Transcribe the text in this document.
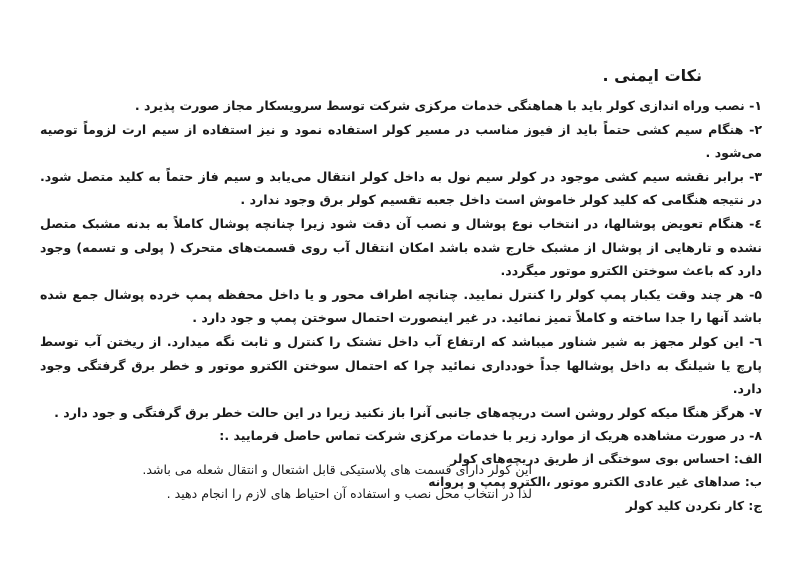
نکات ایمنی .

۱- نصب وراه اندازی کولر باید با هماهنگی خدمات مرکزی شرکت توسط سرویسکار مجاز صورت پذیرد .

۲- هنگام سیم کشی حتماً باید از فیوز مناسب در مسیر کولر استفاده نمود و نیز استفاده از سیم ارت لزوماً توصیه می‌شود .

۳- برابر نقشه سیم کشی موجود در کولر سیم نول به داخل کولر انتقال می‌یابد و سیم فاز حتماً به کلید متصل شود. در نتیجه هنگامی که کلید کولر خاموش است داخل جعبه تقسیم کولر برق وجود ندارد .

٤- هنگام تعویض پوشالها، در انتخاب نوع پوشال و نصب آن دقت شود زیرا چنانچه پوشال کاملاً به بدنه مشبک متصل نشده و تارهایی از پوشال از مشبک خارج شده باشد امکان انتقال آب روی قسمت‌های متحرک ( پولی و تسمه) وجود دارد که باعث سوختن الکترو موتور میگردد.

۵- هر چند وقت یکبار پمپ کولر را کنترل نمایید. چنانچه اطراف محور و یا داخل محفظه پمپ خرده پوشال جمع شده باشد آنها را جدا ساخته و کاملاً تمیز نمائید. در غیر اینصورت احتمال سوختن پمپ و جود دارد .

٦- این کولر مجهز به شیر شناور میباشد که ارتفاع آب داخل تشتک را کنترل و ثابت نگه میدارد. از ریختن آب توسط پارچ یا شیلنگ به داخل پوشالها جداً خودداری نمائید چرا که احتمال سوختن الکترو موتور و خطر برق گرفتگی وجود دارد.

۷- هرگز هنگا میکه کولر روشن است دریچه‌های جانبی آنرا باز نکنید زیرا در این حالت خطر برق گرفتگی و جود دارد .

۸- در صورت مشاهده هریک از موارد زیر با خدمات مرکزی شرکت تماس حاصل فرمایید .:

الف: احساس بوی سوختگی از طریق دریچه‌های کولر

ب: صداهای غیر عادی الکترو موتور ،الکترو پمپ و پروانه

ج: کار نکردن کلید کولر

این کولر دارای قسمت های پلاستیکی قابل اشتعال و انتقال شعله می باشد.
لذا در انتخاب محل نصب و استفاده آن احتیاط های لازم را انجام دهید .
